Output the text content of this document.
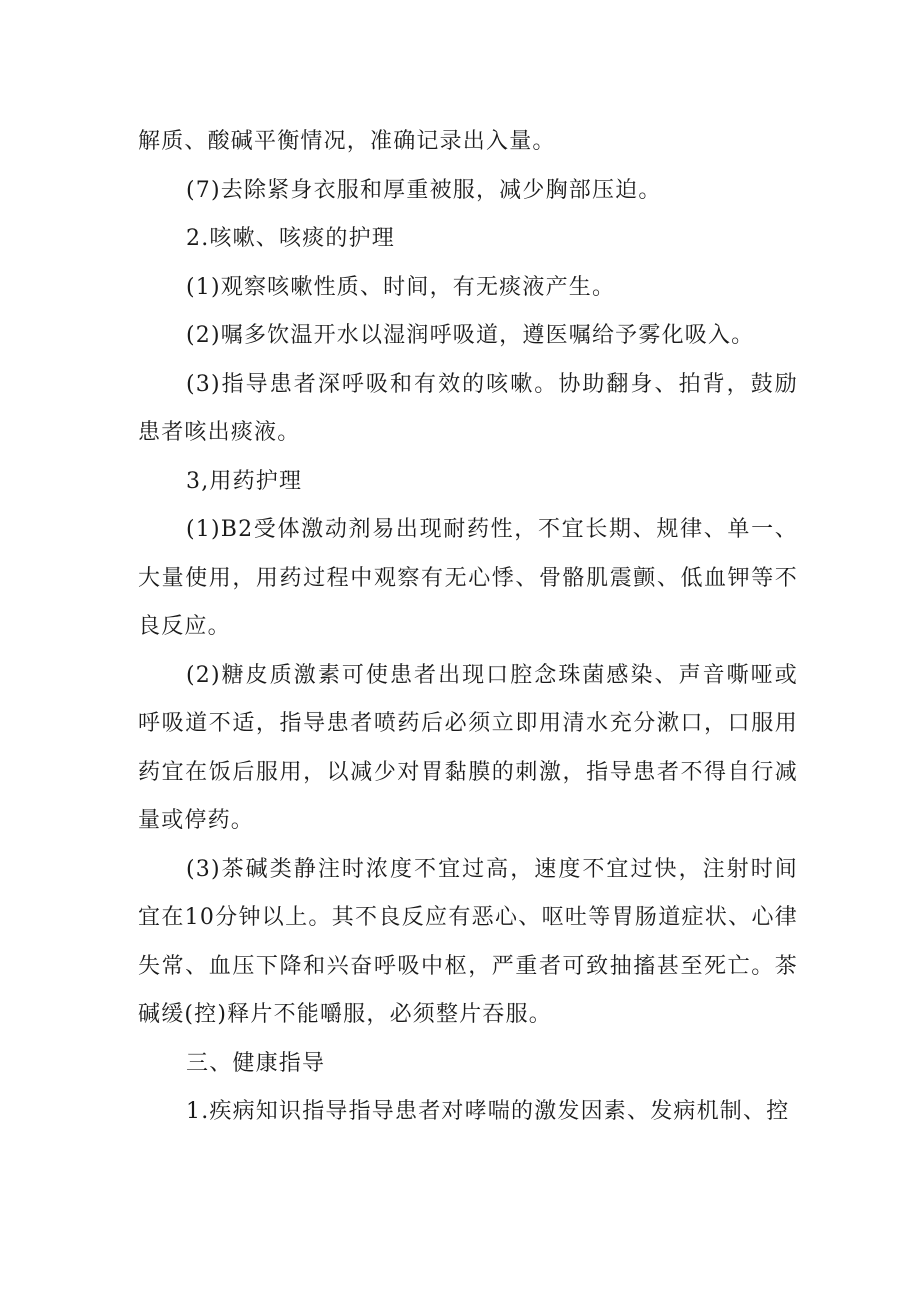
解质、酸碱平衡情况，准确记录出入量。

(7)去除紧身衣服和厚重被服，减少胸部压迫。

2.咳嗽、咳痰的护理

(1)观察咳嗽性质、时间，有无痰液产生。

(2)嘱多饮温开水以湿润呼吸道，遵医嘱给予雾化吸入。

(3)指导患者深呼吸和有效的咳嗽。协助翻身、拍背，鼓励患者咳出痰液。

3,用药护理

(1)B2受体激动剂易出现耐药性，不宜长期、规律、单一、大量使用，用药过程中观察有无心悸、骨骼肌震颤、低血钾等不良反应。

(2)糖皮质激素可使患者出现口腔念珠菌感染、声音嘶哑或呼吸道不适，指导患者喷药后必须立即用清水充分漱口，口服用药宜在饭后服用，以减少对胃黏膜的刺激，指导患者不得自行减量或停药。

(3)茶碱类静注时浓度不宜过高，速度不宜过快，注射时间宜在10分钟以上。其不良反应有恶心、呕吐等胃肠道症状、心律失常、血压下降和兴奋呼吸中枢，严重者可致抽搐甚至死亡。茶碱缓(控)释片不能嚼服，必须整片吞服。

三、健康指导

1.疾病知识指导指导患者对哮喘的激发因素、发病机制、控
